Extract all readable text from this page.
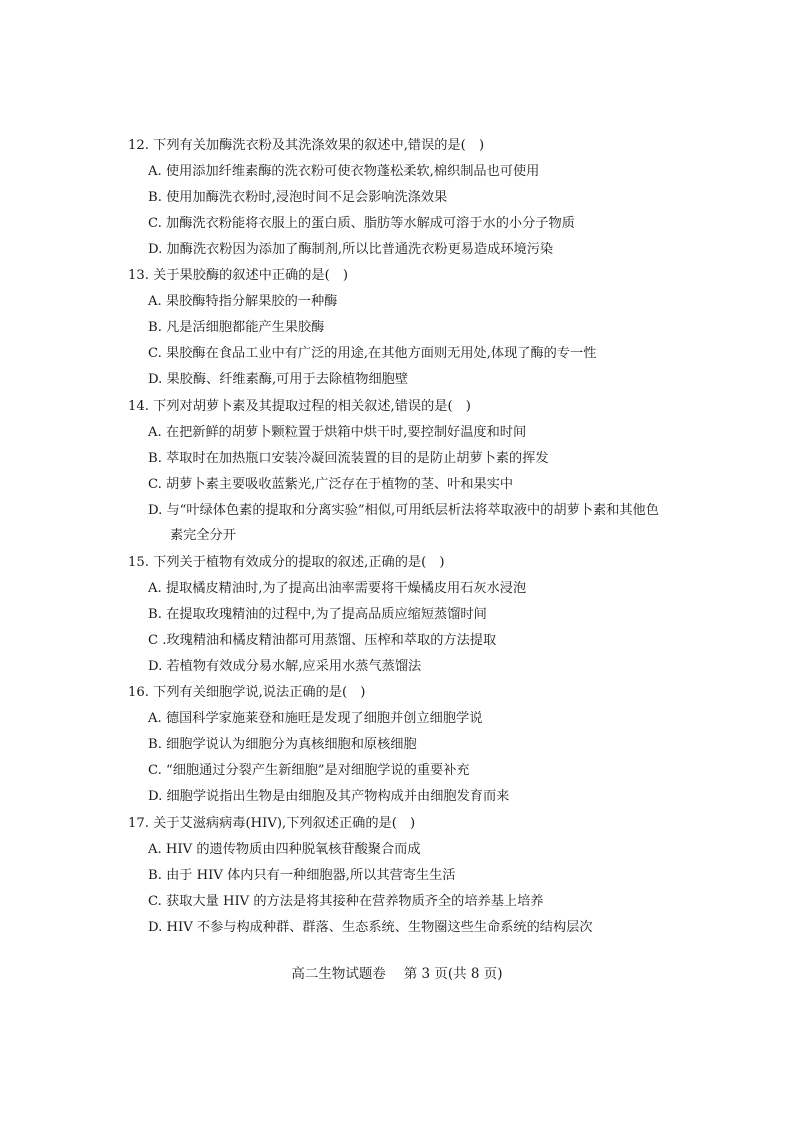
12. 下列有关加酶洗衣粉及其洗涤效果的叙述中,错误的是(　)
A. 使用添加纤维素酶的洗衣粉可使衣物蓬松柔软,棉织制品也可使用
B. 使用加酶洗衣粉时,浸泡时间不足会影响洗涤效果
C. 加酶洗衣粉能将衣服上的蛋白质、脂肪等水解成可溶于水的小分子物质
D. 加酶洗衣粉因为添加了酶制剂,所以比普通洗衣粉更易造成环境污染
13. 关于果胶酶的叙述中正确的是(　)
A. 果胶酶特指分解果胶的一种酶
B. 凡是活细胞都能产生果胶酶
C. 果胶酶在食品工业中有广泛的用途,在其他方面则无用处,体现了酶的专一性
D. 果胶酶、纤维素酶,可用于去除植物细胞壁
14. 下列对胡萝卜素及其提取过程的相关叙述,错误的是(　)
A. 在把新鲜的胡萝卜颗粒置于烘箱中烘干时,要控制好温度和时间
B. 萃取时在加热瓶口安装冷凝回流装置的目的是防止胡萝卜素的挥发
C. 胡萝卜素主要吸收蓝紫光,广泛存在于植物的茎、叶和果实中
D. 与“叶绿体色素的提取和分离实验”相似,可用纸层析法将萃取液中的胡萝卜素和其他色
素完全分开
15. 下列关于植物有效成分的提取的叙述,正确的是(　)
A. 提取橘皮精油时,为了提高出油率需要将干燥橘皮用石灰水浸泡
B. 在提取玫瑰精油的过程中,为了提高品质应缩短蒸馏时间
C .玫瑰精油和橘皮精油都可用蒸馏、压榨和萃取的方法提取
D. 若植物有效成分易水解,应采用水蒸气蒸馏法
16. 下列有关细胞学说,说法正确的是(　)
A. 德国科学家施莱登和施旺是发现了细胞并创立细胞学说
B. 细胞学说认为细胞分为真核细胞和原核细胞
C. “细胞通过分裂产生新细胞”是对细胞学说的重要补充
D. 细胞学说指出生物是由细胞及其产物构成并由细胞发育而来
17. 关于艾滋病病毒(HIV),下列叙述正确的是(　)
A. HIV 的遗传物质由四种脱氧核苷酸聚合而成
B. 由于 HIV 体内只有一种细胞器,所以其营寄生生活
C. 获取大量 HIV 的方法是将其接种在营养物质齐全的培养基上培养
D. HIV 不参与构成种群、群落、生态系统、生物圈这些生命系统的结构层次
高二生物试题卷　 第 3 页(共 8 页)
